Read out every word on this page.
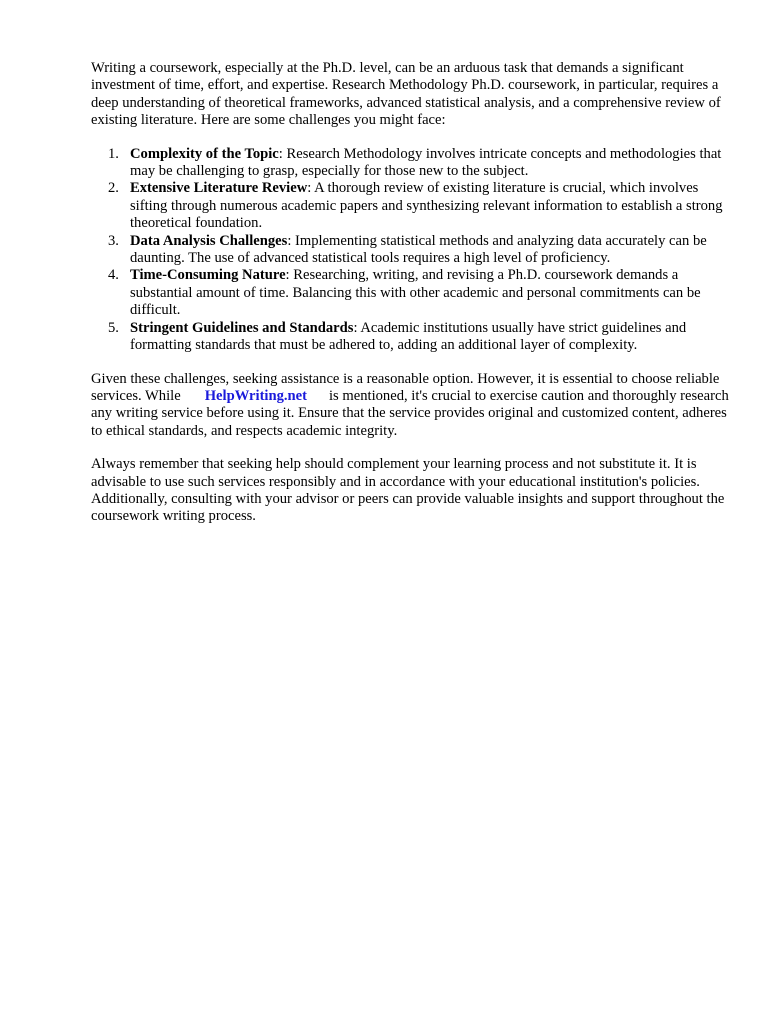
Writing a coursework, especially at the Ph.D. level, can be an arduous task that demands a significant investment of time, effort, and expertise. Research Methodology Ph.D. coursework, in particular, requires a deep understanding of theoretical frameworks, advanced statistical analysis, and a comprehensive review of existing literature. Here are some challenges you might face:

1. Complexity of the Topic: Research Methodology involves intricate concepts and methodologies that may be challenging to grasp, especially for those new to the subject.
2. Extensive Literature Review: A thorough review of existing literature is crucial, which involves sifting through numerous academic papers and synthesizing relevant information to establish a strong theoretical foundation.
3. Data Analysis Challenges: Implementing statistical methods and analyzing data accurately can be daunting. The use of advanced statistical tools requires a high level of proficiency.
4. Time-Consuming Nature: Researching, writing, and revising a Ph.D. coursework demands a substantial amount of time. Balancing this with other academic and personal commitments can be difficult.
5. Stringent Guidelines and Standards: Academic institutions usually have strict guidelines and formatting standards that must be adhered to, adding an additional layer of complexity.

Given these challenges, seeking assistance is a reasonable option. However, it is essential to choose reliable services. While HelpWriting.net is mentioned, it's crucial to exercise caution and thoroughly research any writing service before using it. Ensure that the service provides original and customized content, adheres to ethical standards, and respects academic integrity.

Always remember that seeking help should complement your learning process and not substitute it. It is advisable to use such services responsibly and in accordance with your educational institution's policies. Additionally, consulting with your advisor or peers can provide valuable insights and support throughout the coursework writing process.
